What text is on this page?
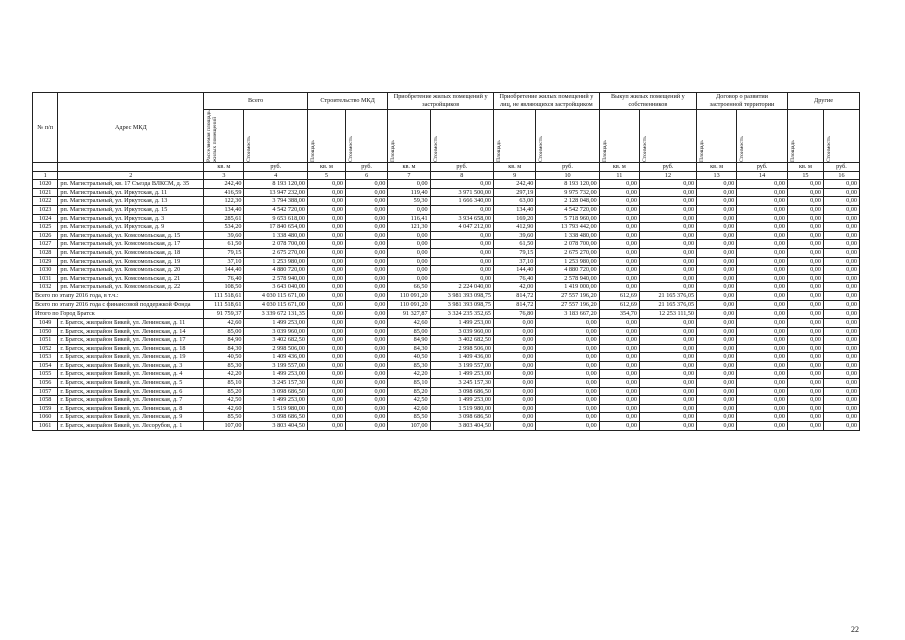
№ п/п	Адрес МКД	Всего		Строительство МКД		Приобретение жилых помещений у застройщиков		Приобретение жилых помещений у лиц, не являющихся застройщиком		Выкуп жилых помещений у собственников		Договор о развитии застроенной территории		Другие	

		Расселяемая площадь жилых помещений	Стоимость	Площадь	Стоимость	Площадь	Стоимость	Площадь	Стоимость	Площадь	Стоимость	Площадь	Стоимость	Площадь	Стоимость

		кв. м	руб.	кв. м	руб.	кв. м	руб.	кв. м	руб.	кв. м	руб.	кв. м	руб.	кв. м	руб.
1	2	3	4	5	6	7	8	9	10	11	12	13	14	15	16
1020	рп. Магистральный, кв. 17 Съезда ВЛКСМ, д. 35	242,40	8 193 120,00	0,00	0,00	0,00	0,00	242,40	8 193 120,00	0,00	0,00	0,00	0,00	0,00	0,00
1021	рп. Магистральный, ул. Иркутская, д. 11	416,59	13 947 232,00	0,00	0,00	119,40	3 971 500,00	297,19	9 975 732,00	0,00	0,00	0,00	0,00	0,00	0,00
1022	рп. Магистральный, ул. Иркутская, д. 13	122,30	3 794 388,00	0,00	0,00	59,30	1 666 340,00	63,00	2 128 048,00	0,00	0,00	0,00	0,00	0,00	0,00
1023	рп. Магистральный, ул. Иркутская, д. 15	134,40	4 542 720,00	0,00	0,00	0,00	0,00	134,40	4 542 720,00	0,00	0,00	0,00	0,00	0,00	0,00
1024	рп. Магистральный, ул. Иркутская, д. 3	285,61	9 653 618,00	0,00	0,00	116,41	3 934 658,00	169,20	5 718 960,00	0,00	0,00	0,00	0,00	0,00	0,00
1025	рп. Магистральный, ул. Иркутская, д. 9	534,20	17 840 654,00	0,00	0,00	121,30	4 047 212,00	412,90	13 793 442,00	0,00	0,00	0,00	0,00	0,00	0,00
1026	рп. Магистральный, ул. Комсомольская, д. 15	39,60	1 338 480,00	0,00	0,00	0,00	0,00	39,60	1 338 480,00	0,00	0,00	0,00	0,00	0,00	0,00
1027	рп. Магистральный, ул. Комсомольская, д. 17	61,50	2 078 700,00	0,00	0,00	0,00	0,00	61,50	2 078 700,00	0,00	0,00	0,00	0,00	0,00	0,00
1028	рп. Магистральный, ул. Комсомольская, д. 18	79,15	2 675 270,00	0,00	0,00	0,00	0,00	79,15	2 675 270,00	0,00	0,00	0,00	0,00	0,00	0,00
1029	рп. Магистральный, ул. Комсомольская, д. 19	37,10	1 253 980,00	0,00	0,00	0,00	0,00	37,10	1 253 980,00	0,00	0,00	0,00	0,00	0,00	0,00
1030	рп. Магистральный, ул. Комсомольская, д. 20	144,40	4 880 720,00	0,00	0,00	0,00	0,00	144,40	4 880 720,00	0,00	0,00	0,00	0,00	0,00	0,00
1031	рп. Магистральный, ул. Комсомольская, д. 21	76,40	2 578 940,00	0,00	0,00	0,00	0,00	76,40	2 578 940,00	0,00	0,00	0,00	0,00	0,00	0,00
1032	рп. Магистральный, ул. Комсомольская, д. 22	108,50	3 643 040,00	0,00	0,00	66,50	2 224 040,00	42,00	1 419 000,00	0,00	0,00	0,00	0,00	0,00	0,00
Всего по этапу 2016 года, в т.ч.:		111 518,61	4 030 115 671,00	0,00	0,00	110 091,20	3 981 393 098,75	814,72	27 557 196,20	612,69	21 165 376,05	0,00	0,00	0,00	0,00
Всего по этапу 2016 года с финансовой поддержкой Фонда		111 518,61	4 030 115 671,00	0,00	0,00	110 091,20	3 981 393 098,75	814,72	27 557 196,20	612,69	21 165 376,05	0,00	0,00	0,00	0,00
Итого по Город Братск		91 759,37	3 339 672 131,35	0,00	0,00	91 327,87	3 324 235 352,65	76,80	3 183 667,20	354,70	12 253 111,50	0,00	0,00	0,00	0,00
1049	г. Братск, жилрайон Бикей, ул. Ленинская, д. 11	42,60	1 499 253,00	0,00	0,00	42,60	1 499 253,00	0,00	0,00	0,00	0,00	0,00	0,00	0,00	0,00
1050	г. Братск, жилрайон Бикей, ул. Ленинская, д. 14	85,00	3 039 960,00	0,00	0,00	85,00	3 039 960,00	0,00	0,00	0,00	0,00	0,00	0,00	0,00	0,00
1051	г. Братск, жилрайон Бикей, ул. Ленинская, д. 17	84,90	3 402 682,50	0,00	0,00	84,90	3 402 682,50	0,00	0,00	0,00	0,00	0,00	0,00	0,00	0,00
1052	г. Братск, жилрайон Бикей, ул. Ленинская, д. 18	84,30	2 998 506,00	0,00	0,00	84,30	2 998 506,00	0,00	0,00	0,00	0,00	0,00	0,00	0,00	0,00
1053	г. Братск, жилрайон Бикей, ул. Ленинская, д. 19	40,50	1 409 436,00	0,00	0,00	40,50	1 409 436,00	0,00	0,00	0,00	0,00	0,00	0,00	0,00	0,00
1054	г. Братск, жилрайон Бикей, ул. Ленинская, д. 3	85,30	3 199 557,00	0,00	0,00	85,30	3 199 557,00	0,00	0,00	0,00	0,00	0,00	0,00	0,00	0,00
1055	г. Братск, жилрайон Бикей, ул. Ленинская, д. 4	42,20	1 499 253,00	0,00	0,00	42,20	1 499 253,00	0,00	0,00	0,00	0,00	0,00	0,00	0,00	0,00
1056	г. Братск, жилрайон Бикей, ул. Ленинская, д. 5	85,10	3 245 157,30	0,00	0,00	85,10	3 245 157,30	0,00	0,00	0,00	0,00	0,00	0,00	0,00	0,00
1057	г. Братск, жилрайон Бикей, ул. Ленинская, д. 6	85,20	3 098 686,50	0,00	0,00	85,20	3 098 686,50	0,00	0,00	0,00	0,00	0,00	0,00	0,00	0,00
1058	г. Братск, жилрайон Бикей, ул. Ленинская, д. 7	42,50	1 499 253,00	0,00	0,00	42,50	1 499 253,00	0,00	0,00	0,00	0,00	0,00	0,00	0,00	0,00
1059	г. Братск, жилрайон Бикей, ул. Ленинская, д. 8	42,60	1 519 980,00	0,00	0,00	42,60	1 519 980,00	0,00	0,00	0,00	0,00	0,00	0,00	0,00	0,00
1060	г. Братск, жилрайон Бикей, ул. Ленинская, д. 9	85,50	3 098 686,50	0,00	0,00	85,50	3 098 686,50	0,00	0,00	0,00	0,00	0,00	0,00	0,00	0,00
1061	г. Братск, жилрайон Бикей, ул. Лесорубов, д. 1	107,00	3 803 404,50	0,00	0,00	107,00	3 803 404,50	0,00	0,00	0,00	0,00	0,00	0,00	0,00	0,00
22
